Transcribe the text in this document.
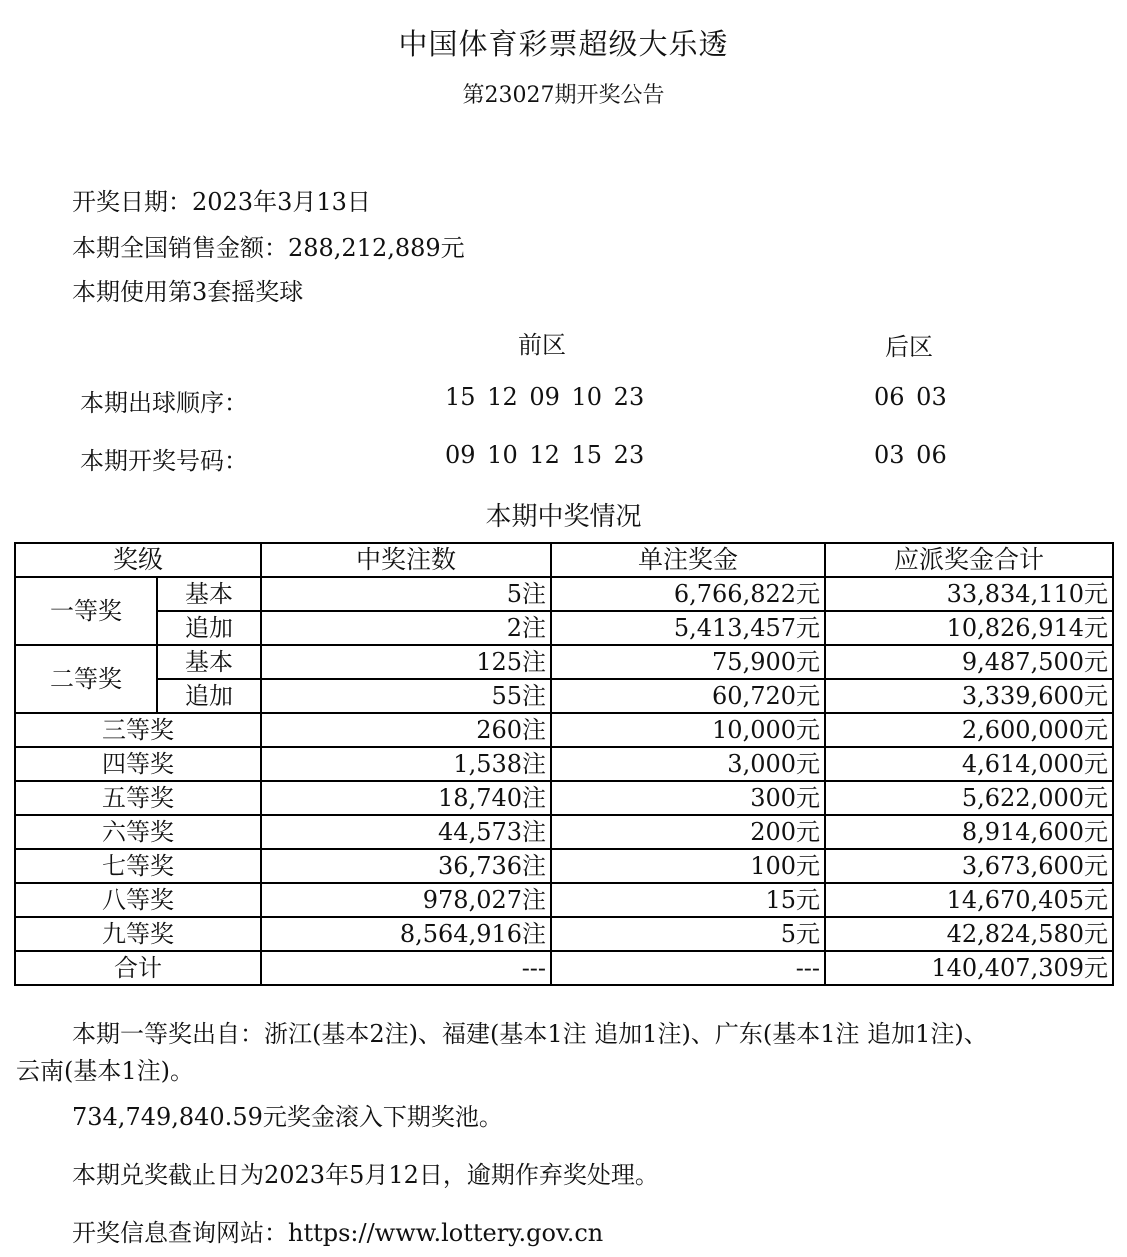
中国体育彩票超级大乐透
第23027期开奖公告
开奖日期：2023年3月13日
本期全国销售金额：288,212,889元
本期使用第3套摇奖球
前区	后区
本期出球顺序：	15 12 09 10 23	06 03
本期开奖号码：	09 10 12 15 23	03 06
本期中奖情况
奖级		中奖注数	单注奖金	应派奖金合计
一等奖	基本	5注	6,766,822元	33,834,110元
	追加	2注	5,413,457元	10,826,914元
二等奖	基本	125注	75,900元	9,487,500元
	追加	55注	60,720元	3,339,600元
三等奖		260注	10,000元	2,600,000元
四等奖		1,538注	3,000元	4,614,000元
五等奖		18,740注	300元	5,622,000元
六等奖		44,573注	200元	8,914,600元
七等奖		36,736注	100元	3,673,600元
八等奖		978,027注	15元	14,670,405元
九等奖		8,564,916注	5元	42,824,580元
合计		---	---	140,407,309元
本期一等奖出自：浙江(基本2注)、福建(基本1注 追加1注)、广东(基本1注 追加1注)、
云南(基本1注)。
734,749,840.59元奖金滚入下期奖池。
本期兑奖截止日为2023年5月12日，逾期作弃奖处理。
开奖信息查询网站：https://www.lottery.gov.cn
